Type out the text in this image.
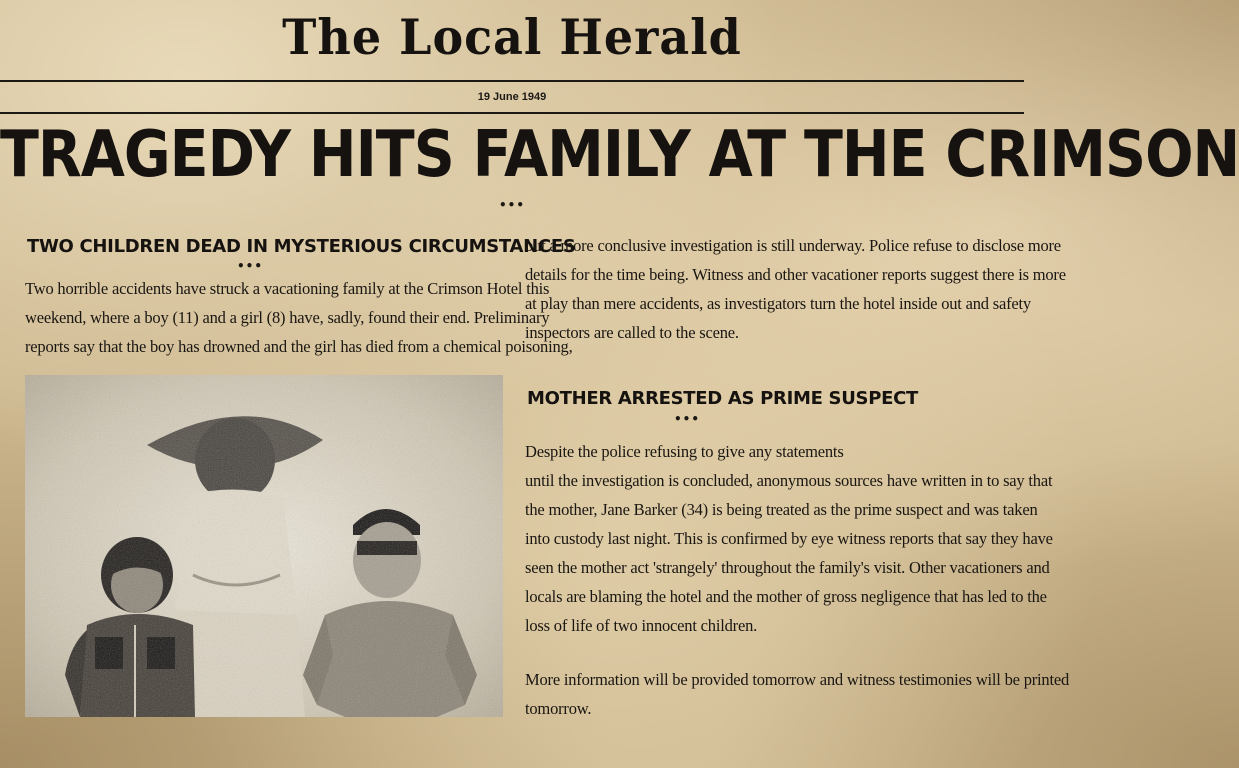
The Local Herald
19 June 1949
TRAGEDY HITS FAMILY AT THE CRIMSON
•••
TWO CHILDREN DEAD IN MYSTERIOUS CIRCUMSTANCES
•••

Two horrible accidents have struck a vacationing family at the Crimson Hotel this

weekend, where a boy (11) and a girl (8) have, sadly, found their end. Preliminary

reports say that the boy has drowned and the girl has died from a chemical poisoning,

but a more conclusive investigation is still underway. Police refuse to disclose more

details for the time being. Witness and other vacationer reports suggest there is more

at play than mere accidents, as investigators turn the hotel inside out and safety

inspectors are called to the scene.

MOTHER ARRESTED AS PRIME SUSPECT
•••

Despite the police refusing to give any statements

until the investigation is concluded, anonymous sources have written in to say that

the mother, Jane Barker (34) is being treated as the prime suspect and was taken

into custody last night. This is confirmed by eye witness reports that say they have

seen the mother act 'strangely' throughout the family's visit. Other vacationers and

locals are blaming the hotel and the mother of gross negligence that has led to the

loss of life of two innocent children.

More information will be provided tomorrow and witness testimonies will be printed

tomorrow.
